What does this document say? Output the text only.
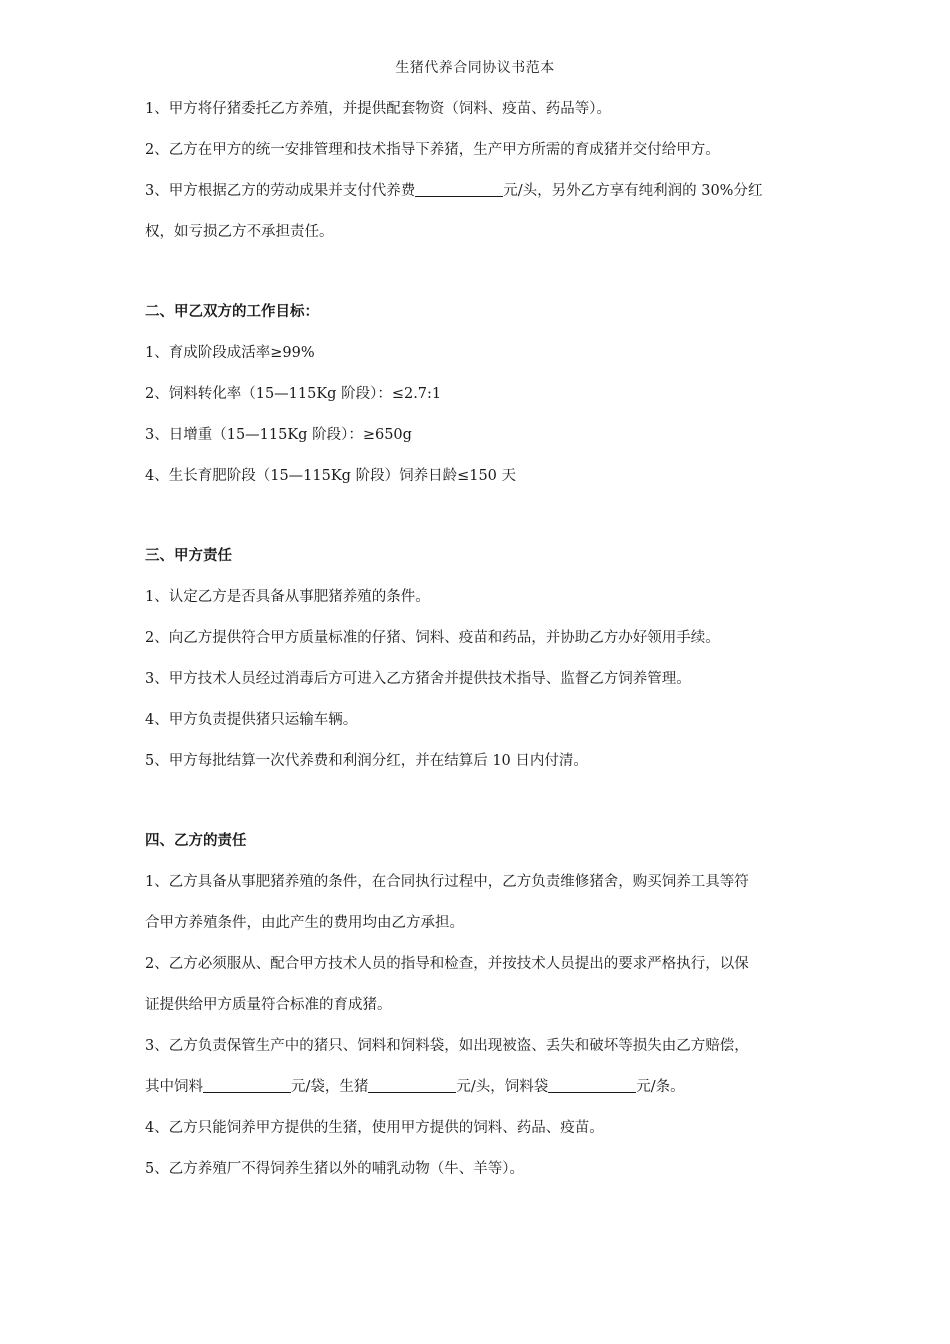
生猪代养合同协议书范本

1、甲方将仔猪委托乙方养殖，并提供配套物资（饲料、疫苗、药品等）。

2、乙方在甲方的统一安排管理和技术指导下养猪，生产甲方所需的育成猪并交付给甲方。

3、甲方根据乙方的劳动成果并支付代养费	元/头，另外乙方享有纯利润的 30%分红

权，如亏损乙方不承担责任。

二、甲乙双方的工作目标：

1、育成阶段成活率≥99%

2、饲料转化率（15—115Kg 阶段）：≤2.7:1

3、日增重（15—115Kg 阶段）：≥650g

4、生长育肥阶段（15—115Kg 阶段）饲养日龄≤150 天

三、甲方责任

1、认定乙方是否具备从事肥猪养殖的条件。

2、向乙方提供符合甲方质量标准的仔猪、饲料、疫苗和药品，并协助乙方办好领用手续。

3、甲方技术人员经过消毒后方可进入乙方猪舍并提供技术指导、监督乙方饲养管理。

4、甲方负责提供猪只运输车辆。

5、甲方每批结算一次代养费和利润分红，并在结算后 10 日内付清。

四、乙方的责任

1、乙方具备从事肥猪养殖的条件，在合同执行过程中，乙方负责维修猪舍，购买饲养工具等符

合甲方养殖条件，由此产生的费用均由乙方承担。

2、乙方必须服从、配合甲方技术人员的指导和检查，并按技术人员提出的要求严格执行，以保

证提供给甲方质量符合标准的育成猪。

3、乙方负责保管生产中的猪只、饲料和饲料袋，如出现被盗、丢失和破坏等损失由乙方赔偿，

其中饲料	元/袋，生猪	元/头，饲料袋	元/条。

4、乙方只能饲养甲方提供的生猪，使用甲方提供的饲料、药品、疫苗。

5、乙方养殖厂不得饲养生猪以外的哺乳动物（牛、羊等）。
